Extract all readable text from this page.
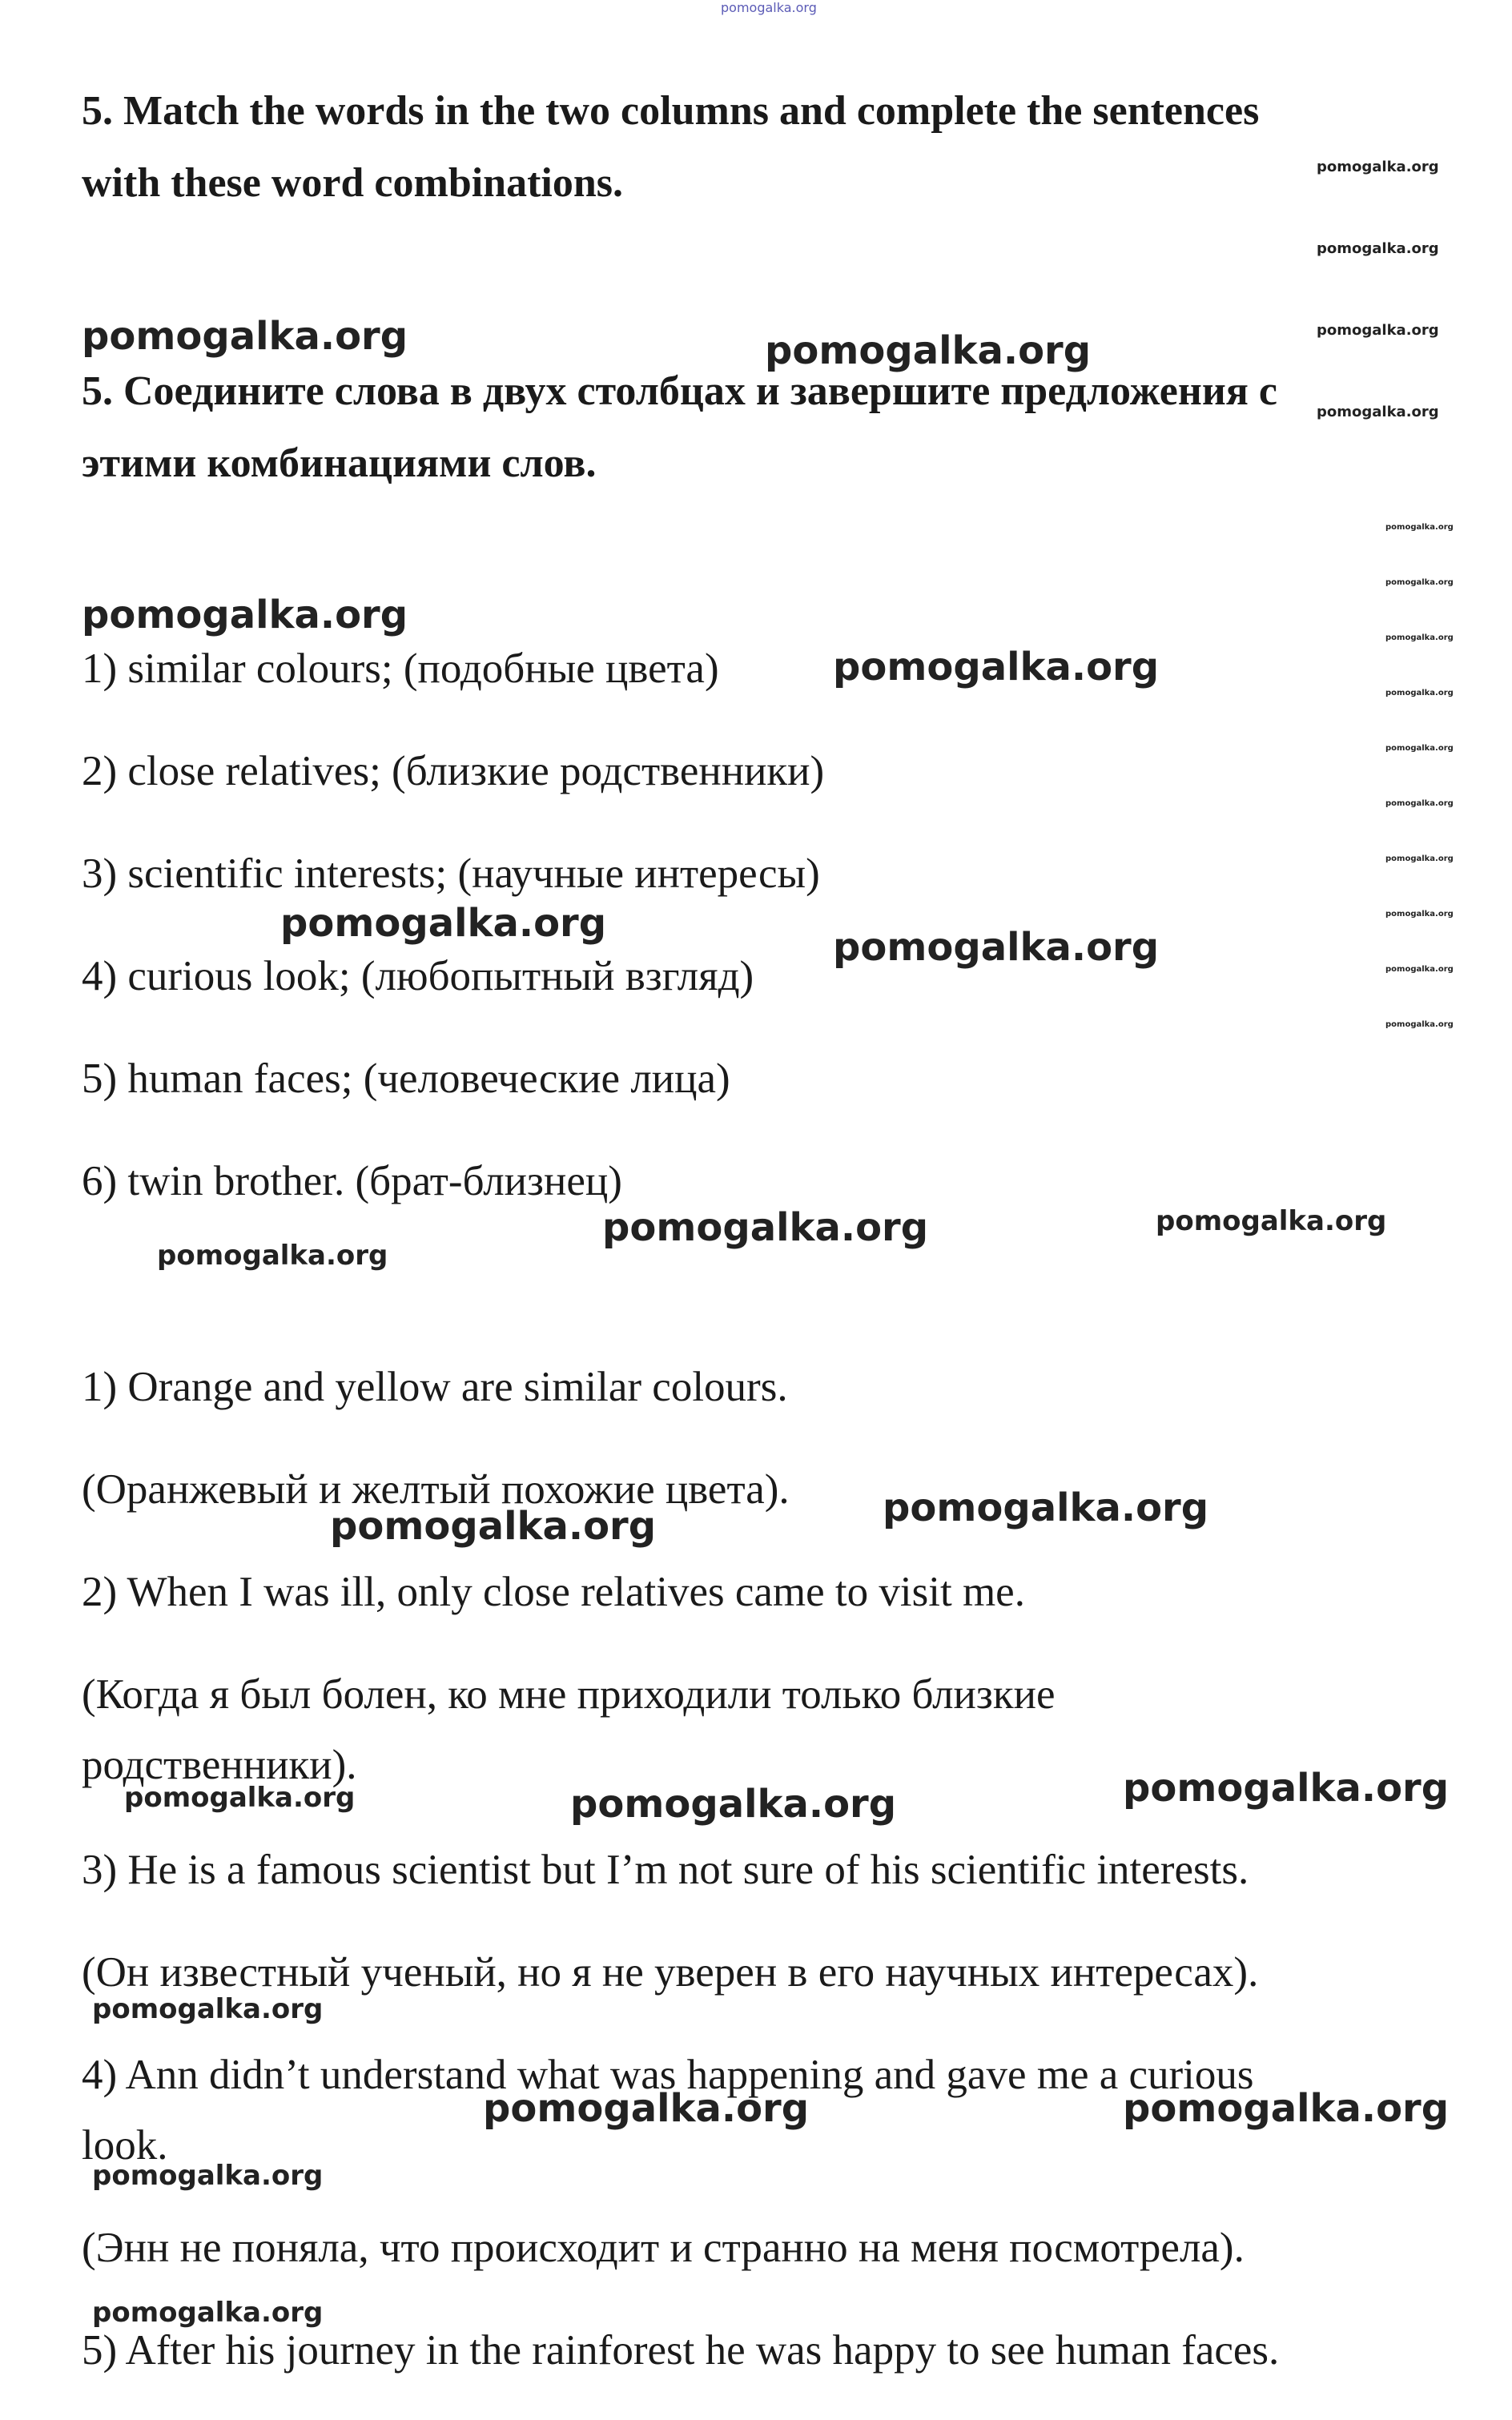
pomogalka.org
pomogalka.org
pomogalka.org
pomogalka.org
pomogalka.org
pomogalka.org	pomogalka.org
pomogalka.org
pomogalka.org
pomogalka.org
pomogalka.org
pomogalka.org
pomogalka.org
pomogalka.org
pomogalka.org
pomogalka.org
pomogalka.org
pomogalka.org
pomogalka.org
pomogalka.org
pomogalka.org
pomogalka.org	pomogalka.org
pomogalka.org
pomogalka.org
pomogalka.org
pomogalka.org	pomogalka.org	pomogalka.org
pomogalka.org
pomogalka.org	pomogalka.org
pomogalka.org
pomogalka.org

5. Match the words in the two columns and complete the sentences

with these word combinations.

5. Соедините слова в двух столбцах и завершите предложения с

этими комбинациями слов.

1) similar colours; (подобные цвета)

2) close relatives; (близкие родственники)

3) scientific interests; (научные интересы)

4) curious look; (любопытный взгляд)

5) human faces; (человеческие лица)

6) twin brother. (брат-близнец)

1) Orange and yellow are similar colours.

(Оранжевый и желтый похожие цвета).

2) When I was ill, only close relatives came to visit me.

(Когда я был болен, ко мне приходили только близкие

родственники).

3) He is a famous scientist but I’m not sure of his scientific interests.

(Он известный ученый, но я не уверен в его научных интересах).

4) Ann didn’t understand what was happening and gave me a curious

look.

(Энн не поняла, что происходит и странно на меня посмотрела).

5) After his journey in the rainforest he was happy to see human faces.
